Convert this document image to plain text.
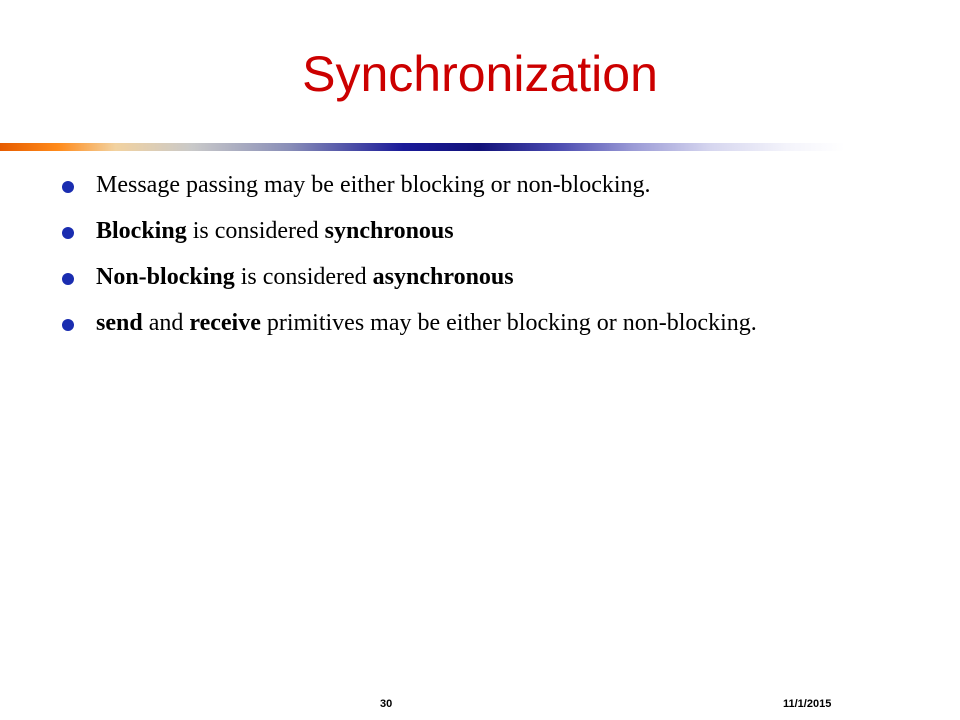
Synchronization
Message passing may be either blocking or non-blocking.
Blocking is considered synchronous
Non-blocking is considered asynchronous
send and receive primitives may be either blocking or non-blocking.
30	11/1/2015
